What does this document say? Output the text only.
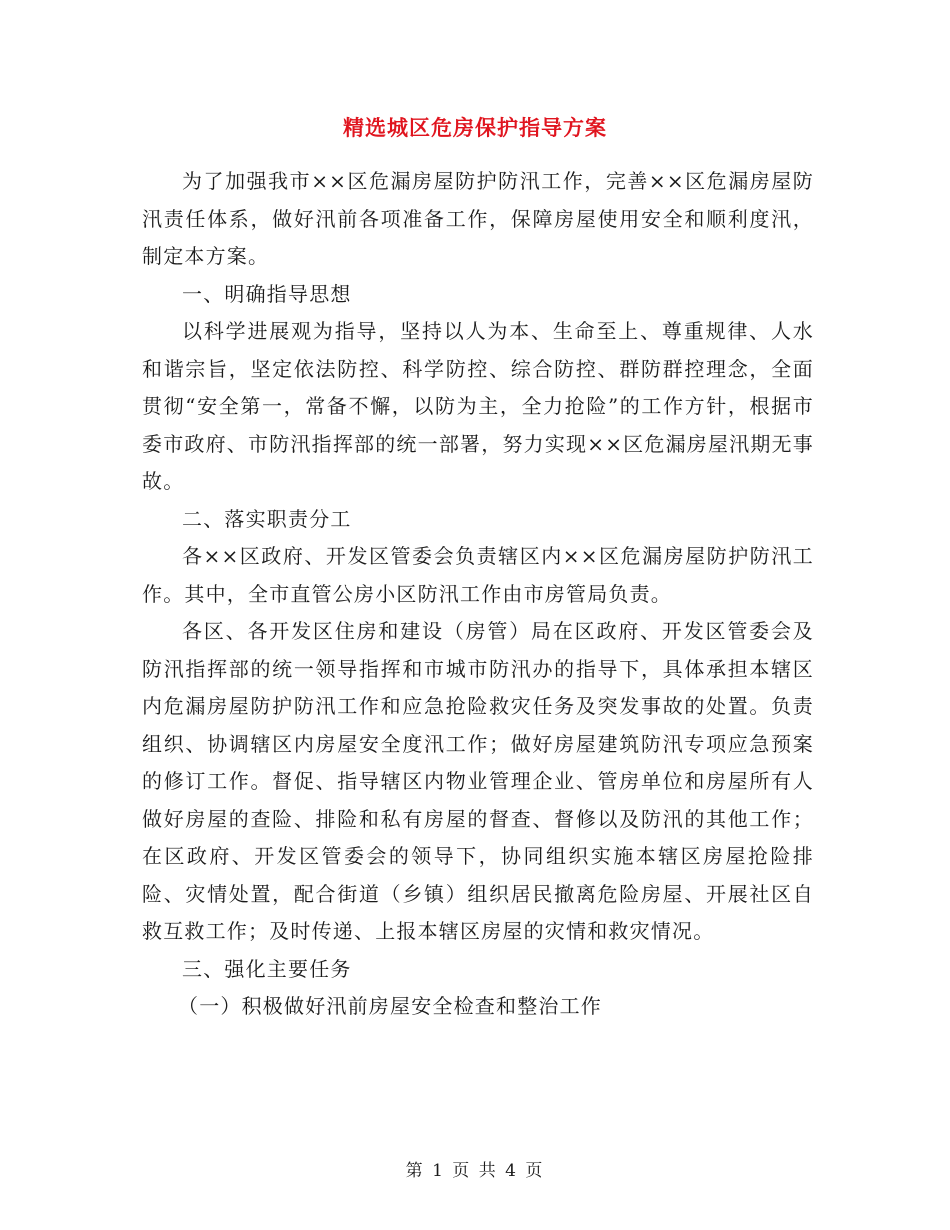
精选城区危房保护指导方案

为了加强我市××区危漏房屋防护防汛工作，完善××区危漏房屋防汛责任体系，做好汛前各项准备工作，保障房屋使用安全和顺利度汛，制定本方案。

一、明确指导思想

以科学进展观为指导，坚持以人为本、生命至上、尊重规律、人水和谐宗旨，坚定依法防控、科学防控、综合防控、群防群控理念，全面贯彻“安全第一，常备不懈，以防为主，全力抢险”的工作方针，根据市委市政府、市防汛指挥部的统一部署，努力实现××区危漏房屋汛期无事故。

二、落实职责分工

各××区政府、开发区管委会负责辖区内××区危漏房屋防护防汛工作。其中，全市直管公房小区防汛工作由市房管局负责。

各区、各开发区住房和建设（房管）局在区政府、开发区管委会及防汛指挥部的统一领导指挥和市城市防汛办的指导下，具体承担本辖区内危漏房屋防护防汛工作和应急抢险救灾任务及突发事故的处置。负责组织、协调辖区内房屋安全度汛工作；做好房屋建筑防汛专项应急预案的修订工作。督促、指导辖区内物业管理企业、管房单位和房屋所有人做好房屋的查险、排险和私有房屋的督查、督修以及防汛的其他工作；在区政府、开发区管委会的领导下，协同组织实施本辖区房屋抢险排险、灾情处置，配合街道（乡镇）组织居民撤离危险房屋、开展社区自救互救工作；及时传递、上报本辖区房屋的灾情和救灾情况。

三、强化主要任务

（一）积极做好汛前房屋安全检查和整治工作

第 1 页 共 4 页
